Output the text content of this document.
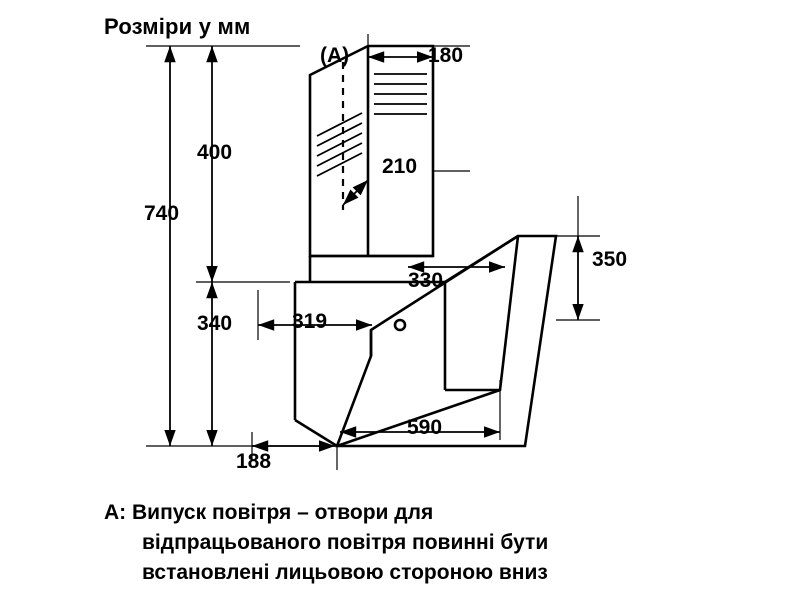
Розміри у мм
180
210
400
740
350
330
340	319
590
188
(A)
A: Випуск повітря – отвори для
відпрацьованого повітря повинні бути
встановлені лицьовою стороною вниз
